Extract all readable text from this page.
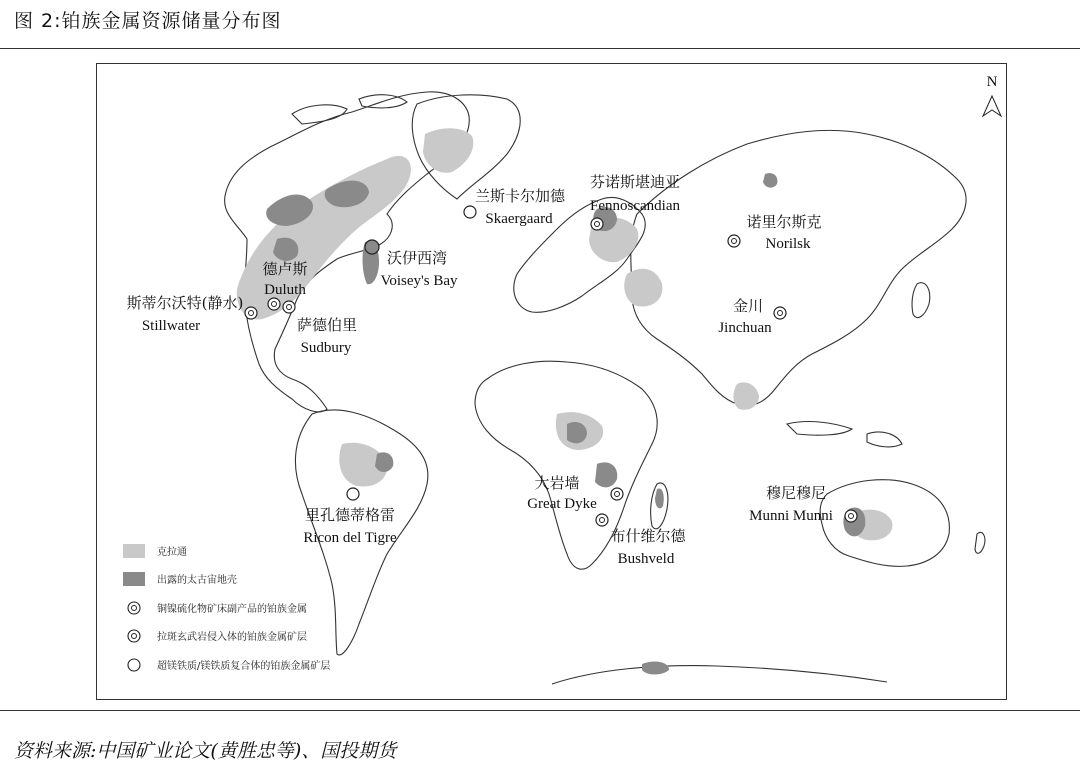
图 2:铂族金属资源储量分布图
N
斯蒂尔沃特(静水)
Stillwater
德卢斯
Duluth
萨德伯里
Sudbury
沃伊西湾
Voisey's Bay
兰斯卡尔加德
Skaergaard
芬诺斯堪迪亚
Fennoscandian
诺里尔斯克
Norilsk
金川
Jinchuan
里孔德蒂格雷
Ricon del Tigre
大岩墙
Great Dyke
布什维尔德
Bushveld
穆尼穆尼
Munni Munni
克拉通
出露的太古宙地壳
铜镍硫化物矿床副产品的铂族金属
拉斑玄武岩侵入体的铂族金属矿层
超镁铁质/镁铁质复合体的铂族金属矿层
资料来源:中国矿业论文(黄胜忠等)、国投期货
